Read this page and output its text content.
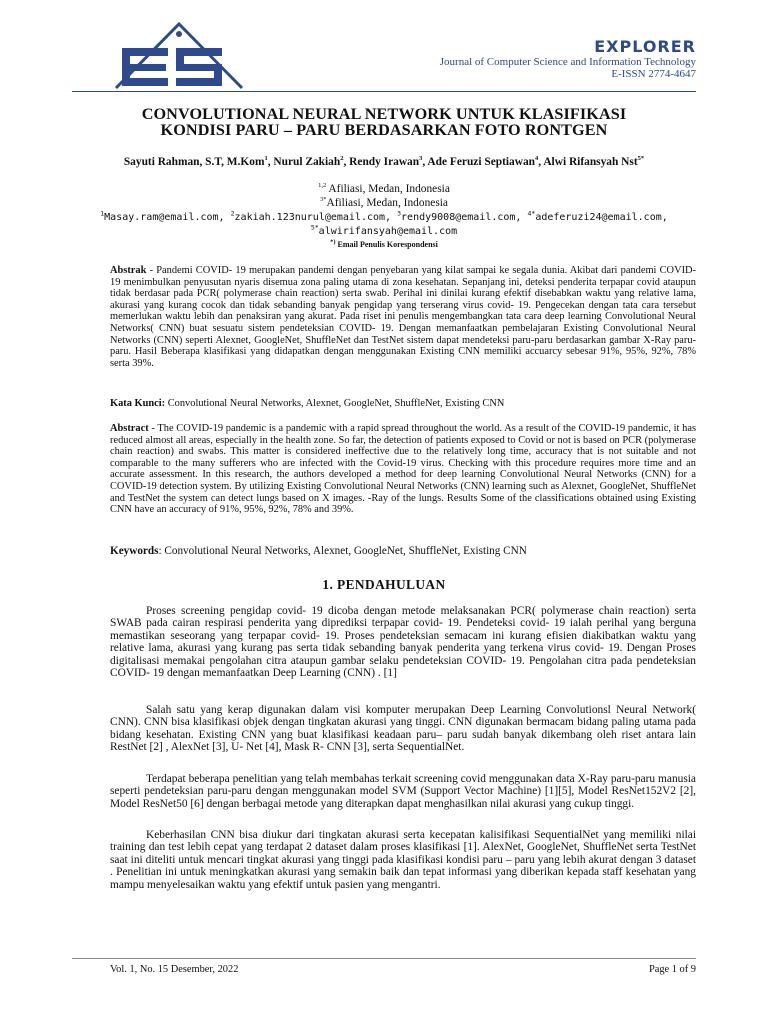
EXPLORER
Journal of Computer Science and Information Technology
E-ISSN 2774-4647
CONVOLUTIONAL NEURAL NETWORK UNTUK KLASIFIKASI
KONDISI PARU – PARU BERDASARKAN FOTO RONTGEN
Sayuti Rahman, S.T, M.Kom$^1$, Nurul Zakiah$^2$, Rendy Irawan$^3$, Ade Feruzi Septiawan$^4$, Alwi Rifansyah Nst$^{5*}$
$^{1,2}$ Afiliasi, Medan, Indonesia
$^{3*}$Afiliasi, Medan, Indonesia
$^1$Masay.ram@email.com, $^2$zakiah.123nurul@email.com, $^3$rendy9008@email.com, $^{4*}$adeferuzi24@email.com,
$^{5*}$alwirifansyah@email.com
*) Email Penulis Korespondensi
Abstrak - Pandemi COVID- 19 merupakan pandemi dengan penyebaran yang kilat sampai ke segala dunia. Akibat dari pandemi COVID- 19 menimbulkan penyusutan nyaris disemua zona paling utama di zona kesehatan. Sepanjang ini, deteksi penderita terpapar covid ataupun tidak berdasar pada PCR( polymerase chain reaction) serta swab. Perihal ini dinilai kurang efektif disebabkan waktu yang relative lama, akurasi yang kurang cocok dan tidak sebanding banyak pengidap yang terserang virus covid- 19. Pengecekan dengan tata cara tersebut memerlukan waktu lebih dan penaksiran yang akurat. Pada riset ini penulis mengembangkan tata cara deep learning Convolutional Neural Networks( CNN) buat sesuatu sistem pendeteksian COVID- 19. Dengan memanfaatkan pembelajaran Existing Convolutional Neural Networks (CNN) seperti Alexnet, GoogleNet, ShuffleNet dan TestNet sistem dapat mendeteksi paru-paru berdasarkan gambar X-Ray paru-paru. Hasil Beberapa klasifikasi yang didapatkan dengan menggunakan Existing CNN memiliki accuarcy sebesar 91%, 95%, 92%, 78% serta 39%.
Kata Kunci: Convolutional Neural Networks, Alexnet, GoogleNet, ShuffleNet, Existing CNN
Abstract - The COVID-19 pandemic is a pandemic with a rapid spread throughout the world. As a result of the COVID-19 pandemic, it has reduced almost all areas, especially in the health zone. So far, the detection of patients exposed to Covid or not is based on PCR (polymerase chain reaction) and swabs. This matter is considered ineffective due to the relatively long time, accuracy that is not suitable and not comparable to the many sufferers who are infected with the Covid-19 virus. Checking with this procedure requires more time and an accurate assessment. In this research, the authors developed a method for deep learning Convolutional Neural Networks (CNN) for a COVID-19 detection system. By utilizing Existing Convolutional Neural Networks (CNN) learning such as Alexnet, GoogleNet, ShuffleNet and TestNet the system can detect lungs based on X images. -Ray of the lungs. Results Some of the classifications obtained using Existing CNN have an accuracy of 91%, 95%, 92%, 78% and 39%.
Keywords: Convolutional Neural Networks, Alexnet, GoogleNet, ShuffleNet, Existing CNN
1. PENDAHULUAN
Proses screening pengidap covid- 19 dicoba dengan metode melaksanakan PCR( polymerase chain reaction) serta SWAB pada cairan respirasi penderita yang diprediksi terpapar covid- 19. Pendeteksi covid- 19 ialah perihal yang berguna memastikan seseorang yang terpapar covid- 19. Proses pendeteksian semacam ini kurang efisien diakibatkan waktu yang relative lama, akurasi yang kurang pas serta tidak sebanding banyak penderita yang terkena virus covid- 19. Dengan Proses digitalisasi memakai pengolahan citra ataupun gambar selaku pendeteksian COVID- 19. Pengolahan citra pada pendeteksian COVID- 19 dengan memanfaatkan Deep Learning (CNN) . [1]
Salah satu yang kerap digunakan dalam visi komputer merupakan Deep Learning Convolutionsl Neural Network( CNN). CNN bisa klasifikasi objek dengan tingkatan akurasi yang tinggi. CNN digunakan bermacam bidang paling utama pada bidang kesehatan. Existing CNN yang buat klasifikasi keadaan paru– paru sudah banyak dikembang oleh riset antara lain RestNet [2] , AlexNet [3], U- Net [4], Mask R- CNN [3], serta SequentialNet.
Terdapat beberapa penelitian yang telah membahas terkait screening covid menggunakan data X-Ray paru-paru manusia seperti pendeteksian paru-paru dengan menggunakan model SVM (Support Vector Machine) [1][5], Model ResNet152V2 [2], Model ResNet50 [6] dengan berbagai metode yang diterapkan dapat menghasilkan nilai akurasi yang cukup tinggi.
Keberhasilan CNN bisa diukur dari tingkatan akurasi serta kecepatan kalisifikasi SequentialNet yang memiliki nilai training dan test lebih cepat yang terdapat 2 dataset dalam proses klasifikasi [1]. AlexNet, GoogleNet, ShuffleNet serta TestNet saat ini diteliti untuk mencari tingkat akurasi yang tinggi pada klasifikasi kondisi paru – paru yang lebih akurat dengan 3 dataset . Penelitian ini untuk meningkatkan akurasi yang semakin baik dan tepat informasi yang diberikan kepada staff kesehatan yang mampu menyelesaikan waktu yang efektif untuk pasien yang mengantri.
Vol. 1, No. 15 Desember, 2022	Page 1 of 9
